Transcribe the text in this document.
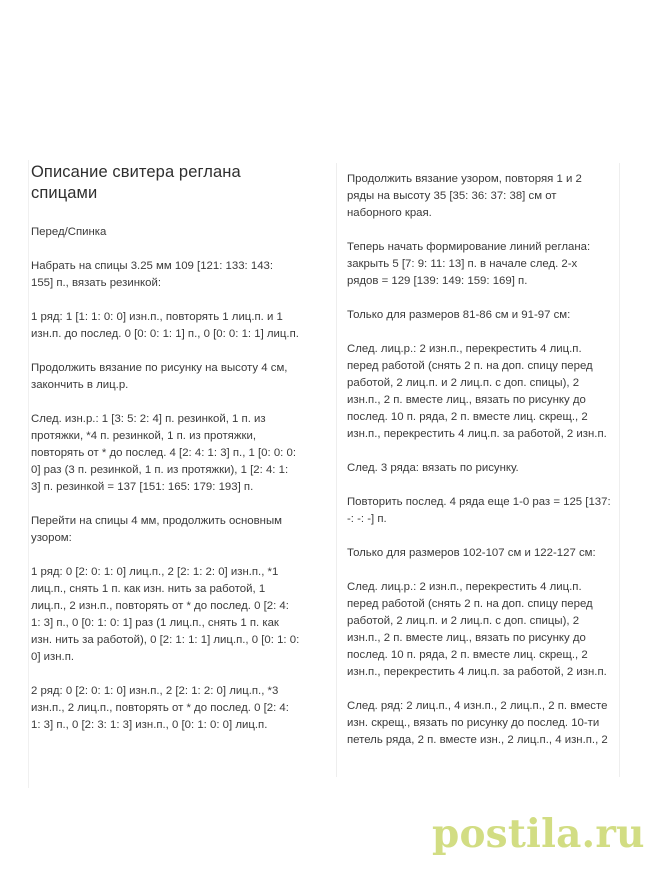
Описание свитера реглана
спицами

Перед/Спинка

Набрать на спицы 3.25 мм 109 [121: 133: 143:
155] п., вязать резинкой:

1 ряд: 1 [1: 1: 0: 0] изн.п., повторять 1 лиц.п. и 1
изн.п. до послед. 0 [0: 0: 1: 1] п., 0 [0: 0: 1: 1] лиц.п.

Продолжить вязание по рисунку на высоту 4 см,
закончить в лиц.р.

След. изн.р.: 1 [3: 5: 2: 4] п. резинкой, 1 п. из
протяжки, *4 п. резинкой, 1 п. из протяжки,
повторять от * до послед. 4 [2: 4: 1: 3] п., 1 [0: 0: 0:
0] раз (3 п. резинкой, 1 п. из протяжки), 1 [2: 4: 1:
3] п. резинкой = 137 [151: 165: 179: 193] п.

Перейти на спицы 4 мм, продолжить основным
узором:

1 ряд: 0 [2: 0: 1: 0] лиц.п., 2 [2: 1: 2: 0] изн.п., *1
лиц.п., снять 1 п. как изн. нить за работой, 1
лиц.п., 2 изн.п., повторять от * до послед. 0 [2: 4:
1: 3] п., 0 [0: 1: 0: 1] раз (1 лиц.п., снять 1 п. как
изн. нить за работой), 0 [2: 1: 1: 1] лиц.п., 0 [0: 1: 0:
0] изн.п.

2 ряд: 0 [2: 0: 1: 0] изн.п., 2 [2: 1: 2: 0] лиц.п., *3
изн.п., 2 лиц.п., повторять от * до послед. 0 [2: 4:
1: 3] п., 0 [2: 3: 1: 3] изн.п., 0 [0: 1: 0: 0] лиц.п.

Продолжить вязание узором, повторяя 1 и 2
ряды на высоту 35 [35: 36: 37: 38] см от
наборного края.

Теперь начать формирование линий реглана:
закрыть 5 [7: 9: 11: 13] п. в начале след. 2-х
рядов = 129 [139: 149: 159: 169] п.

Только для размеров 81-86 см и 91-97 см:

След. лиц.р.: 2 изн.п., перекрестить 4 лиц.п.
перед работой (снять 2 п. на доп. спицу перед
работой, 2 лиц.п. и 2 лиц.п. с доп. спицы), 2
изн.п., 2 п. вместе лиц., вязать по рисунку до
послед. 10 п. ряда, 2 п. вместе лиц. скрещ., 2
изн.п., перекрестить 4 лиц.п. за работой, 2 изн.п.

След. 3 ряда: вязать по рисунку.

Повторить послед. 4 ряда еще 1-0 раз = 125 [137:
-: -: -] п.

Только для размеров 102-107 см и 122-127 см:

След. лиц.р.: 2 изн.п., перекрестить 4 лиц.п.
перед работой (снять 2 п. на доп. спицу перед
работой, 2 лиц.п. и 2 лиц.п. с доп. спицы), 2
изн.п., 2 п. вместе лиц., вязать по рисунку до
послед. 10 п. ряда, 2 п. вместе лиц. скрещ., 2
изн.п., перекрестить 4 лиц.п. за работой, 2 изн.п.

След. ряд: 2 лиц.п., 4 изн.п., 2 лиц.п., 2 п. вместе
изн. скрещ., вязать по рисунку до послед. 10-ти
петель ряда, 2 п. вместе изн., 2 лиц.п., 4 изн.п., 2

postila.ru
